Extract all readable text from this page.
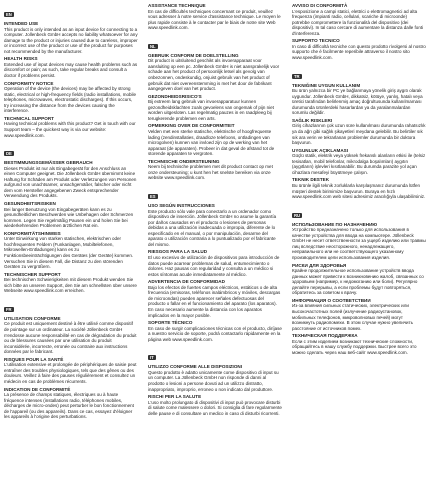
EN
INTENDED USE
This product is only intended as an input device for connecting to a computer. Jollenbeck GmbH accepts no liability whatsoever for any damage to the product or injuries caused due to careless, improper or incorrect use of the product or use of the product for purposes not recommended by the manufacturer.
HEALTH RISKS
Extended use of input devices may cause health problems such as discomfort or pain; as such, take regular breaks and consult a doctor if problems persist.
CONFORMITY NOTICE
Operation of the device (the devices) may be affected by strong static, electrical or high-frequency fields (radio installations, mobile telephones, microwaves, electrostatic discharges). If this occurs, try increasing the distance from the devices causing the interference.
TECHNICAL SUPPORT
Having technical problems with this product? Get in touch with our Support team – the quickest way is via our website: www.speedlink.com.
DE
BESTIMMUNGSGEMÄSSER GEBRAUCH
Dieses Produkt ist nur als Eingabegerät für den Anschluss an einen Computer geeignet. Die Jöllenbeck GmbH übernimmt keine Haftung für Schäden am Produkt oder Verletzungen von Personen aufgrund von unachtsamer, unsachgemäßer, falscher oder nicht dem vom Hersteller angegebenen Zweck entsprechender Verwendung des Produkts.
GESUNDHEITSRISIKEN
Bei langer Benutzung von Eingabegeräten kann es zu gesundheitlichen Beschwerden wie Unbehagen oder Schmerzen kommen. Legen Sie regelmäßig Pausen ein und holen Sie bei wiederkehrenden Problemen ärztlichen Rat ein.
KONFORMITÄTSHINWEIS
Unter Einwirkung von starken statischen, elektrischen oder hochfrequenten Feldern (Funkanlagen, Mobiltelefonen, Mikrowellen-Entladungen) kann es zu Funktionsbeeinträchtigungen des Gerätes (der Geräte) kommen. Versuchen Sie in diesem Fall, die Distanz zu den störenden Geräten zu vergrößern.
TECHNISCHER SUPPORT
Bei technischen Schwierigkeiten mit diesem Produkt wenden Sie sich bitte an unseren Support, den Sie am schnellsten über unsere Webseite www.speedlink.com erreichen.
FR
UTILISATION CONFORME
Ce produit est uniquement destiné à être utilisé comme dispositif de pointage sur un ordinateur. La société Jöllenbeck GmbH n'endosse aucune responsabilité en cas de dégradation du produit ou de blessures causées par une utilisation du produit inconsidérée, incorrecte, erronée ou contraire aux instructions données par le fabricant.
RISQUES POUR LA SANTÉ
L'utilisation extensive et prolongée de périphériques de saisie peut entraîner des troubles physiologiques, tels que des gênes ou des douleurs. Veillez à faire des pauses régulièrement et consultez un médecin en cas de problèmes récurrents.
INDICATION DE CONFORMITÉ
La présence de champs statiques, électriques ou à haute fréquence intenses (installations radio, téléphones mobiles, décharges de micro-ondes) peut perturber le bon fonctionnement de l'appareil (ou des appareils). Dans ce cas, essayez d'éloigner les appareils à l'origine des perturbations.
ASSISTANCE TECHNIQUE
En cas de difficultés techniques concernant ce produit, veuillez vous adresser à notre service d'assistance technique. Le moyen le plus rapide consiste à le contacter par le biais de notre site Web www.speedlink.com.
NL
GEBRUIK CONFORM DE DOELSTELLING
Dit product is uitsluitend geschikt als invoerapparaat voor aansluiting op een pc. Jöllenbeck GmbH is niet aansprakelijk voor schade aan het product of persoonlijk letsel als gevolg van onbezonnen, ondeskundig, onjuist gebruik van het product of gebruik dat niet overeenstemming is met het door de fabrikant aangegeven doel van het product.
GEZONDHEIDSRISICO'S
Bij extreem lang gebruik van invoerapparatuur kunnen gezondheidsklachten zoals gevoelens van ongemak of pijn niet worden uitgesloten. Las regelmatig pauzes in en raadpleeg bij terugkerende problemen een arts.
OPMERKING OVER DE CONFORMITEIT
Velden met een sterke statische, elektrische of hoogfrequente lading (zendinstallaties, draadloze telefoons, ontladingen van microgolven) kunnen van invloed zijn op de werking van het apparaat (de apparaten). Probeer in dat geval de afstand tot de storende apparaten te vergroten.
TECHNISCHE ONDERSTEUNING
Neem bij technische problemen met dit product contact op met onze ondersteuning; u kunt hen het snelste bereiken via onze website www.speedlink.com.
ES
USO SEGÚN INSTRUCCIONES
Este producto sólo vale para conectarlo a un ordenador como dispositivo de inserción. Jöllenbeck GmbH no asume la garantía por daños causados en el producto o lesiones de personas debidas a una utilización inadecuada o impropia, diferente de lo especificado en el manual, o por manipulación, desarme del aparato o utilización contraria a lo puntualizado por el fabricante del mismo.
RIESGOS PARA LA SALUD
El uso excesivo de utilización de dispositivos para introducción de datos puede acarrear problemas de salud, entumecimiento o dolores. Haz pausas con regularidad y consulta a un médico si estos síntomas acude inmediatamente al médico.
ADVERTENCIA DE CONFORMIDAD
Bajo los efectos de fuertes campos eléctricos, estáticos o de alta frecuencia (emisoras, teléfonos inalámbricos y móviles, descargas de microondas) pueden aparecer señales defectuosas del producto o fallar en el funcionamiento del aparato (los aparatos). En caso necesario aumente la distancia con los aparatos implicados en la mayor posible.
SOPORTE TÉCNICO
En caso de surgir complicaciones técnicas con el producto, diríjase a nuestro servicio de soporte, podrá contactarlo rápidamente en la página web www.speedlink.com.
IT
UTILIZZO CONFORME ALLE DISPOSIZIONI
Questo prodotto è adatto unicamente come dispositivo di input su un computer. La Jöllenbeck GmbH non risponde di danni al prodotto o lesioni a persone dovuti ad un utilizzo distratto, inappropriato, improprio, erroneo o non indicato dal produttore.
RISCHI PER LA SALUTE
L'uso molto prolungato di dispositivi di input può provocare disturbi di salute come malessere o dolori. Si consiglia di fare regolarmente delle pause e di consultare un medico in caso di disturbi ricorrenti.
AVVISO DI CONFORMITÀ
L'esposizione a campi statici, elettrici o elettromagnetici ad alta frequenza (impianti radio, cellulari, scariche di microonde) potrebbe compromettere la funzionalità del dispositivo (dei dispositivi). In tal caso cercare di aumentare la distanza dalle fonti d'interferenza.
SUPPORTO TECNICO
In caso di difficoltà tecniche con questo prodotto rivolgersi al nostro supporto che è facilmente reperibile attraverso il nostro sito www.speedlink.com.
TR
TEKNIĞINE UYGUN KULLANIM
Bu ürün yalnızca bir PC ye bağlanmaya yönelik giriş aygıtı olarak uygundur. Jöllenbeck GmbH, dikkatsiz, kötüye, yanlış, hatalı veya üretici tarafından belirlenmiş amaç doğrultusunda kullanılmaması durumunda ürünlerdeki hasarlardan ya da yaralanmalardan sorumlu değildir.
SAĞLIK RISKLERI
Giriş cihazlarının çok uzun süre kullanılması durumunda rahatsızlık ya da ağrı gibi sağlık şikayetleri meydana gelebilir. Bu belirtiler sık sık ara verin ve tekrarlanan problemler durumunda bir doktora başvurun.
UYGUNLUK AÇIKLAMASI
Güçlü statik, elektrik veya yüksek frekanslı alanların etkisi ile (telsiz tesisatları, mobil telefonlar, mikrodalga boşalımları) aygıtın (aygıtların) işlevleri kısıtlanabilir. Bu durumda parazite yol açan cihazlara mesafeyi büyütmeye çalışın.
TEKNIK DESTEK
Bu ürünle ilgili teknik zorluklarla karşılaşmanız durumunda lütfen müşteri destek birimimize başvurun. Buraya en hızlı www.speedlink.com web sitesi adresimiz aracılığıyla ulaşabilirsiniz.
RU
ИСПОЛЬЗОВАНИЕ ПО НАЗНАЧЕНИЮ
Устройство предназначено только для использования в качестве устройства для ввода на компьютере. Jöllenbeck GmbH не несет ответственности за ущерб изделию или травмы лиц вследствие неосторожного, ненадлежащего, неправильного или не соответствующего указанному производителем цели использования изделия.
РИСКИ ДЛЯ ЗДОРОВЬЯ
Крайне продолжительное использование устройств ввода данных может привести к возникновению жалоб, связанных со здоровьем (например, к недомоганию или боли). Регулярно делайте перерывы, а если проблемы будут повторяться, обратитесь за советом к врачу.
ИНФОРМАЦИЯ О СООТВЕТСТВИИ
Из-за влияния сильных статических, электрических или высокочастотных полей (излучение радиоустановок, мобильных телефонов, микроволновых печей) могут возникнуть радиопомехи. В этом случае нужно увеличить расстояние от источников помех.
ТЕХНИЧЕСКАЯ ПОДДЕРЖКА
Если с этим изделием возникают технические сложности, обращайтесь в нашу службу поддержки. Быстрее всего это можно сделать через наш веб-сайт www.speedlink.com.
